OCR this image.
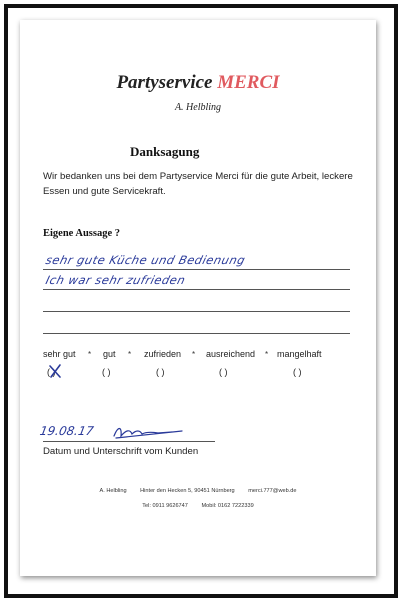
Partyservice MERCI
A. Helbling
Danksagung
Wir bedanken uns bei dem Partyservice Merci für die gute Arbeit, leckere Essen und gute Servicekraft.
Eigene Aussage ?
sehr gute Küche und Bedienung
Ich war sehr zufrieden
sehr gut * gut * zufrieden * ausreichend * mangelhaft
( )	( )	( )	( )	( )
19.08.17
Datum und Unterschrift vom Kunden
A. Helbling Hinter den Hecken 5, 90451 Nürnberg merci.777@web.de
Tel: 0911 9626747 Mobil: 0162 7222339
